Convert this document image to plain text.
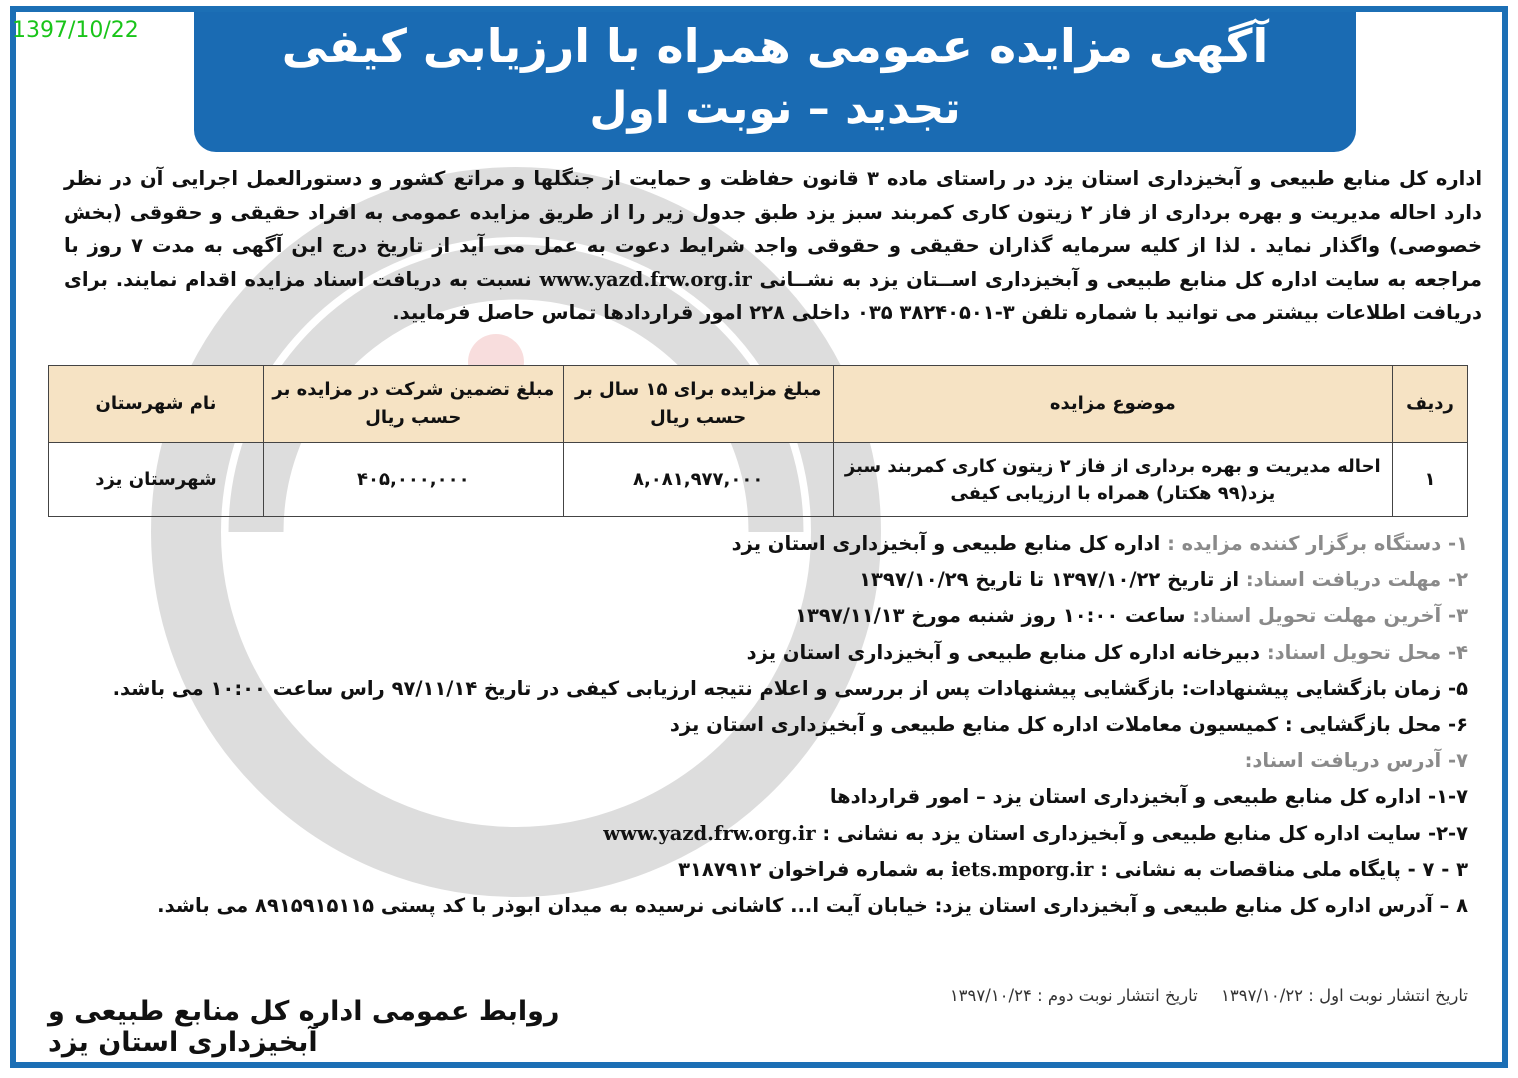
1397/10/22	آگهی مزایده عمومی همراه با ارزیابی کیفی
تجدید – نوبت اول

اداره کل منابع طبیعی و آبخیزداری استان یزد در راستای ماده ۳ قانون حفاظت و حمایت از جنگلها و مراتع کشور و دستورالعمل اجرایی آن در نظر دارد احاله مدیریت و بهره برداری از فاز ۲ زیتون کاری کمربند سبز یزد طبق جدول زیر را از طریق مزایده عمومی به افراد حقیقی و حقوقی (بخش خصوصی) واگذار نماید . لذا از کلیه سرمایه گذاران حقیقی و حقوقی واجد شرایط دعوت به عمل می آید از تاریخ درج این آگهی به مدت ۷ روز با مراجعه به سایت اداره کل منابع طبیعی و آبخیزداری اســتان یزد به نشــانی www.yazd.frw.org.ir نسبت به دریافت اسناد مزایده اقدام نمایند. برای دریافت اطلاعات بیشتر می توانید با شماره تلفن ۳-۳۸۲۴۰۵۰۱ ۰۳۵ داخلی ۲۲۸ امور قراردادها تماس حاصل فرمایید.

ردیف	موضوع مزایده	مبلغ مزایده برای ۱۵ سال بر حسب ریال	مبلغ تضمین شرکت در مزایده بر حسب ریال	نام شهرستان
۱	احاله مدیریت و بهره برداری از فاز ۲ زیتون کاری کمربند سبز یزد(۹۹ هکتار) همراه با ارزیابی کیفی	۸,۰۸۱,۹۷۷,۰۰۰	۴۰۵,۰۰۰,۰۰۰	شهرستان یزد
۱- دستگاه برگزار کننده مزایده : اداره کل منابع طبیعی و آبخیزداری استان یزد
۲- مهلت دریافت اسناد: از تاریخ ۱۳۹۷/۱۰/۲۲ تا تاریخ ۱۳۹۷/۱۰/۲۹
۳- آخرین مهلت تحویل اسناد: ساعت ۱۰:۰۰ روز شنبه مورخ ۱۳۹۷/۱۱/۱۳
۴- محل تحویل اسناد: دبیرخانه اداره کل منابع طبیعی و آبخیزداری استان یزد
۵- زمان بازگشایی پیشنهادات: بازگشایی پیشنهادات پس از بررسی و اعلام نتیجه ارزیابی کیفی در تاریخ ۹۷/۱۱/۱۴ راس ساعت ۱۰:۰۰ می باشد.
۶- محل بازگشایی : کمیسیون معاملات اداره کل منابع طبیعی و آبخیزداری استان یزد
۷- آدرس دریافت اسناد:
۱-۷- اداره کل منابع طبیعی و آبخیزداری استان یزد – امور قراردادها
۲-۷- سایت اداره کل منابع طبیعی و آبخیزداری استان یزد به نشانی : www.yazd.frw.org.ir
۳ - ۷ - پایگاه ملی مناقصات به نشانی : iets.mporg.ir به شماره فراخوان ۳۱۸۷۹۱۲
۸ – آدرس اداره کل منابع طبیعی و آبخیزداری استان یزد: خیابان آیت ا... کاشانی نرسیده به میدان ابوذر با کد پستی ۸۹۱۵۹۱۵۱۱۵ می باشد.
تاریخ انتشار نوبت اول : ۱۳۹۷/۱۰/۲۲ تاریخ انتشار نوبت دوم : ۱۳۹۷/۱۰/۲۴
روابط عمومی اداره کل منابع طبیعی و آبخیزداری استان یزد
